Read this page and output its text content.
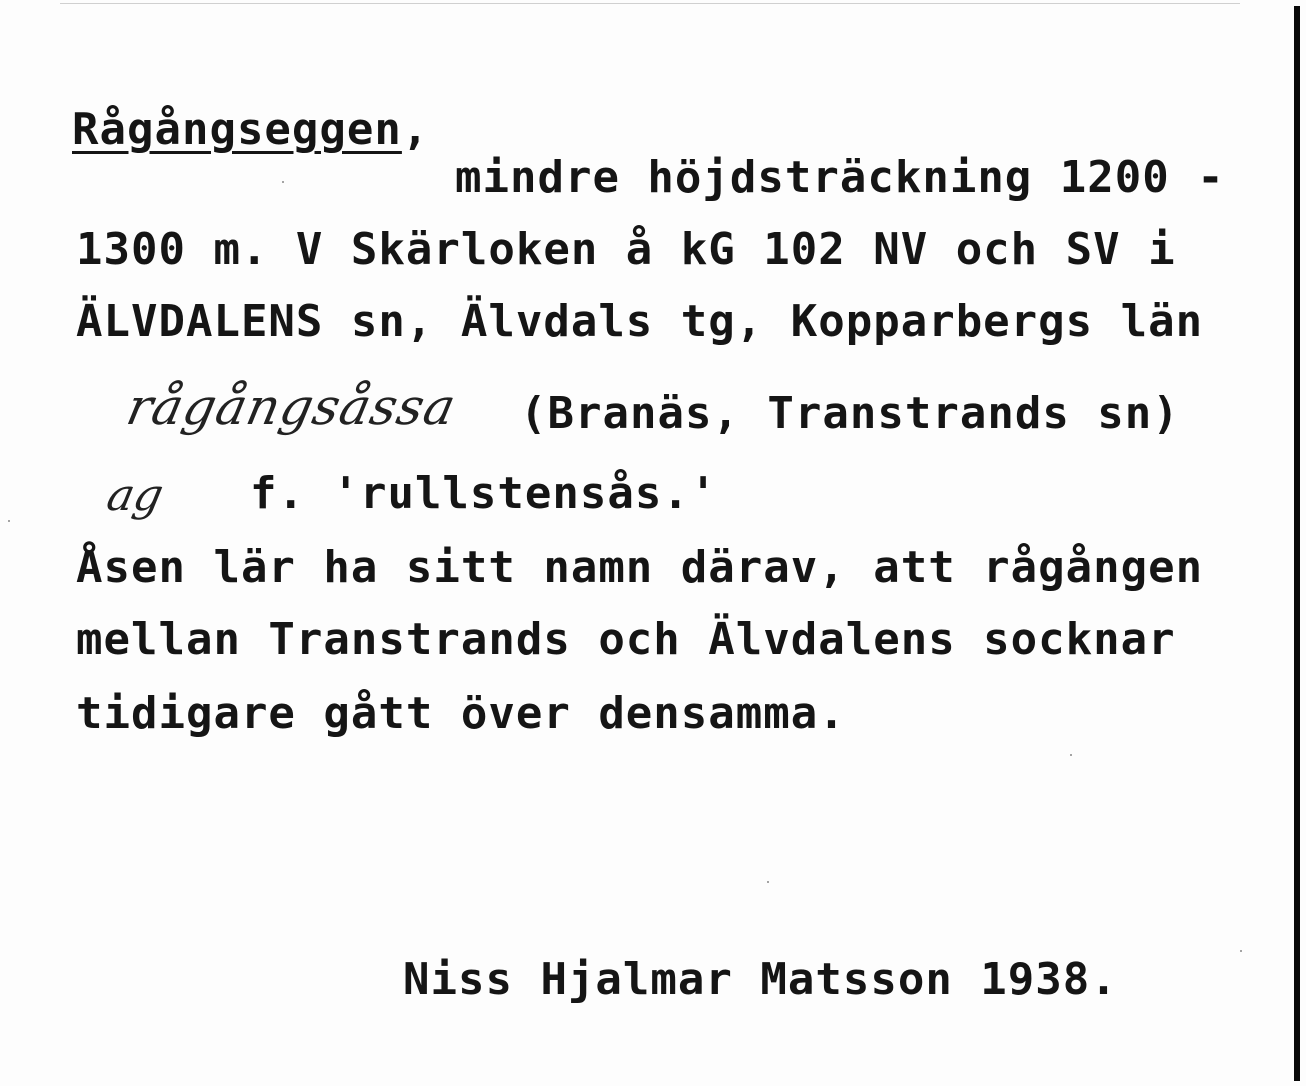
Rågångseggen,
mindre höjdsträckning 1200 -
1300 m. V Skärloken å kG 102 NV och SV i
ÄLVDALENS sn, Älvdals tg, Kopparbergs län
rågångsåssa (Branäs, Transtrands sn)
ag f. 'rullstensås.'
Åsen lär ha sitt namn därav, att rågången
mellan Transtrands och Älvdalens socknar
tidigare gått över densamma.
Niss Hjalmar Matsson 1938.
